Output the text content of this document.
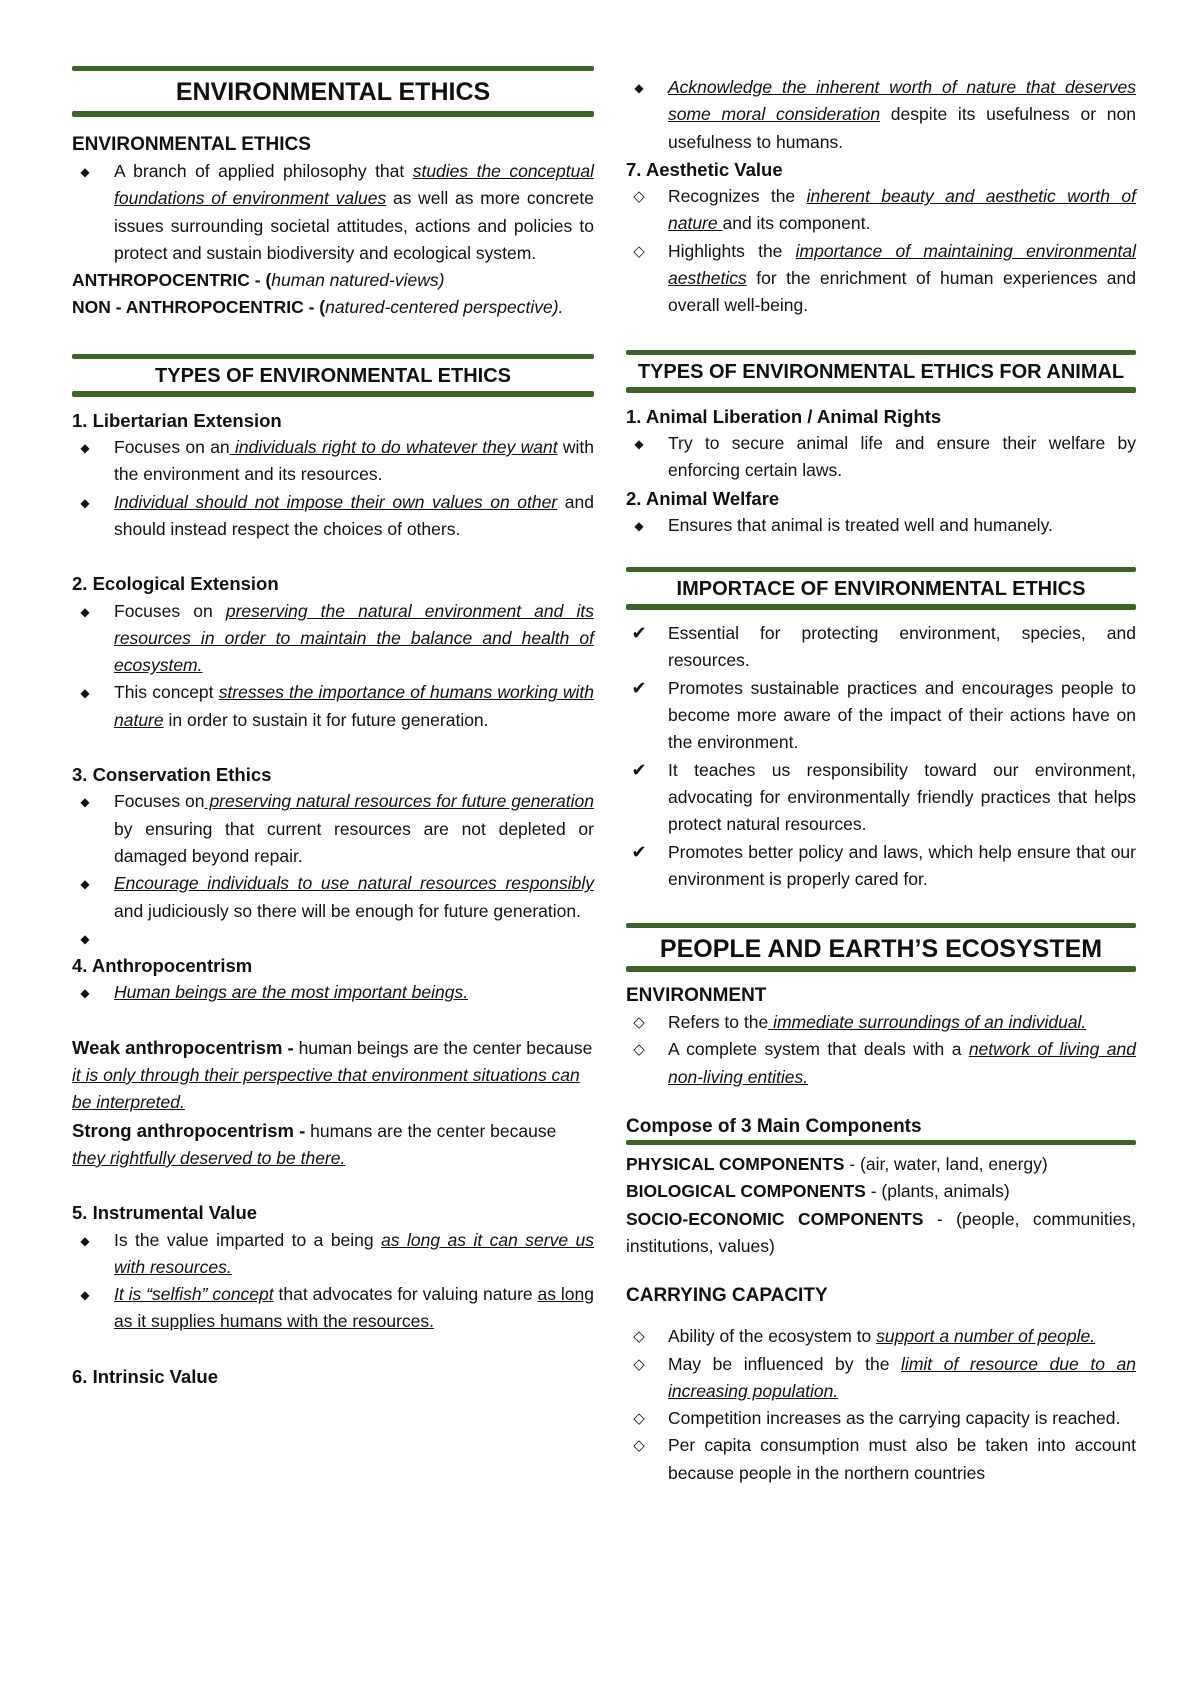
ENVIRONMENTAL ETHICS
ENVIRONMENTAL ETHICS
◆
A branch of applied philosophy that studies the conceptual foundations of environment values as well as more concrete issues surrounding societal attitudes, actions and policies to protect and sustain biodiversity and ecological system.
ANTHROPOCENTRIC - (human natured-views)
NON - ANTHROPOCENTRIC - (natured-centered perspective).
TYPES OF ENVIRONMENTAL ETHICS
1. Libertarian Extension
◆
Focuses on an individuals right to do whatever they want with the environment and its resources.
◆
Individual should not impose their own values on other and should instead respect the choices of others.
2. Ecological Extension
◆
Focuses on preserving the natural environment and its resources in order to maintain the balance and health of ecosystem.
◆
This concept stresses the importance of humans working with nature in order to sustain it for future generation.
3. Conservation Ethics
◆
Focuses on preserving natural resources for future generation by ensuring that current resources are not depleted or damaged beyond repair.
◆
Encourage individuals to use natural resources responsibly and judiciously so there will be enough for future generation.
◆

4. Anthropocentrism
◆
Human beings are the most important beings.
Weak anthropocentrism - human beings are the center because it is only through their perspective that environment situations can be interpreted.
Strong anthropocentrism - humans are the center because they rightfully deserved to be there.
5. Instrumental Value
◆
Is the value imparted to a being as long as it can serve us with resources.
◆
It is “selfish” concept that advocates for valuing nature as long as it supplies humans with the resources.
6. Intrinsic Value
◆
Acknowledge the inherent worth of nature that deserves some moral consideration despite its usefulness or non usefulness to humans.
7. Aesthetic Value
◇
Recognizes the inherent beauty and aesthetic worth of nature and its component.
◇
Highlights the importance of maintaining environmental aesthetics for the enrichment of human experiences and overall well-being.
TYPES OF ENVIRONMENTAL ETHICS FOR ANIMAL
1. Animal Liberation / Animal Rights
◆
Try to secure animal life and ensure their welfare by enforcing certain laws.
2. Animal Welfare
◆
Ensures that animal is treated well and humanely.
IMPORTACE OF ENVIRONMENTAL ETHICS
✔
Essential for protecting environment, species, and resources.
✔
Promotes sustainable practices and encourages people to become more aware of the impact of their actions have on the environment.
✔
It teaches us responsibility toward our environment, advocating for environmentally friendly practices that helps protect natural resources.
✔
Promotes better policy and laws, which help ensure that our environment is properly cared for.
PEOPLE AND EARTH’S ECOSYSTEM
ENVIRONMENT
◇
Refers to the immediate surroundings of an individual.
◇
A complete system that deals with a network of living and non-living entities.
Compose of 3 Main Components
PHYSICAL COMPONENTS - (air, water, land, energy)
BIOLOGICAL COMPONENTS - (plants, animals)
SOCIO-ECONOMIC COMPONENTS - (people, communities, institutions, values)
CARRYING CAPACITY
◇
Ability of the ecosystem to support a number of people.
◇
May be influenced by the limit of resource due to an increasing population.
◇
Competition increases as the carrying capacity is reached.
◇
Per capita consumption must also be taken into account because people in the northern countries
